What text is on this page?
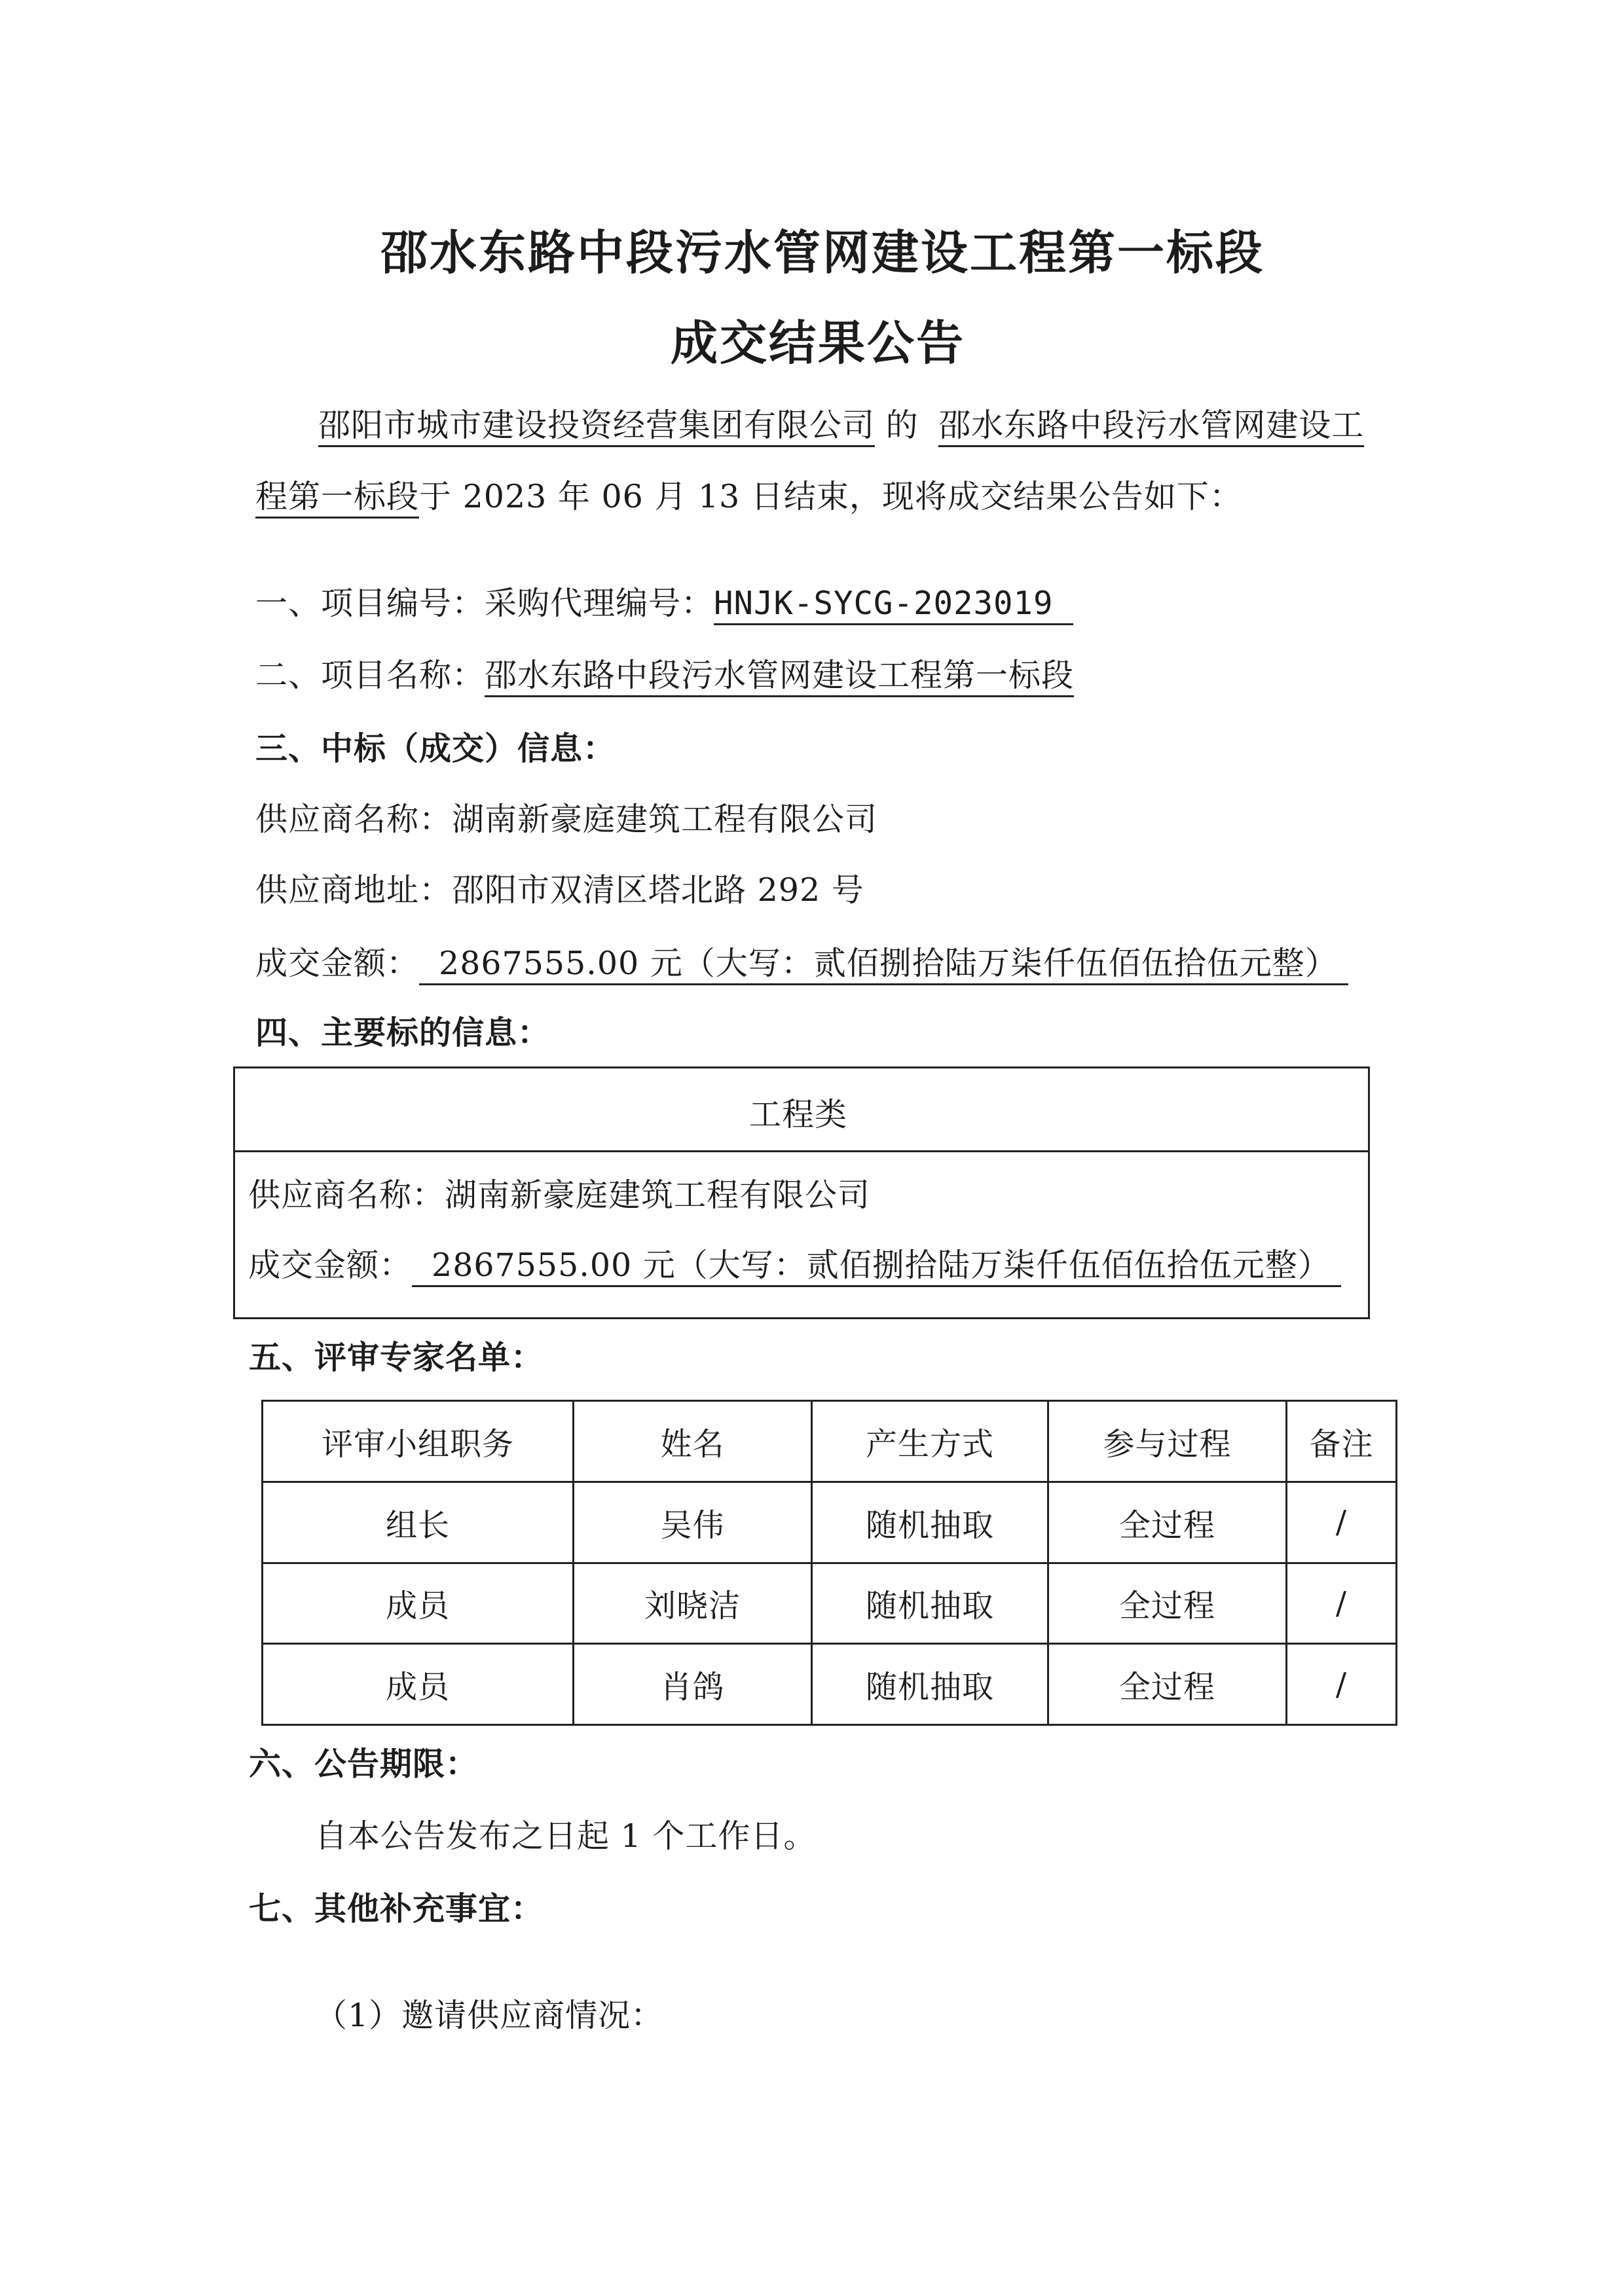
邵水东路中段污水管网建设工程第一标段
成交结果公告
邵阳市城市建设投资经营集团有限公司 的 邵水东路中段污水管网建设工
程第一标段于 2023 年 06 月 13 日结束，现将成交结果公告如下：
一、项目编号：采购代理编号：HNJK-SYCG-2023019
二、项目名称：邵水东路中段污水管网建设工程第一标段
三、中标（成交）信息：
供应商名称：湖南新豪庭建筑工程有限公司
供应商地址：邵阳市双清区塔北路 292 号
成交金额： 2867555.00 元（大写：贰佰捌拾陆万柒仟伍佰伍拾伍元整）
四、主要标的信息：
工程类
供应商名称：湖南新豪庭建筑工程有限公司
成交金额： 2867555.00 元（大写：贰佰捌拾陆万柒仟伍佰伍拾伍元整）
五、评审专家名单：
评审小组职务	姓名	产生方式	参与过程	备注
组长	吴伟	随机抽取	全过程	/
成员	刘晓洁	随机抽取	全过程	/
成员	肖鸽	随机抽取	全过程	/
六、公告期限：
自本公告发布之日起 1 个工作日。
七、其他补充事宜：
（1）邀请供应商情况：
